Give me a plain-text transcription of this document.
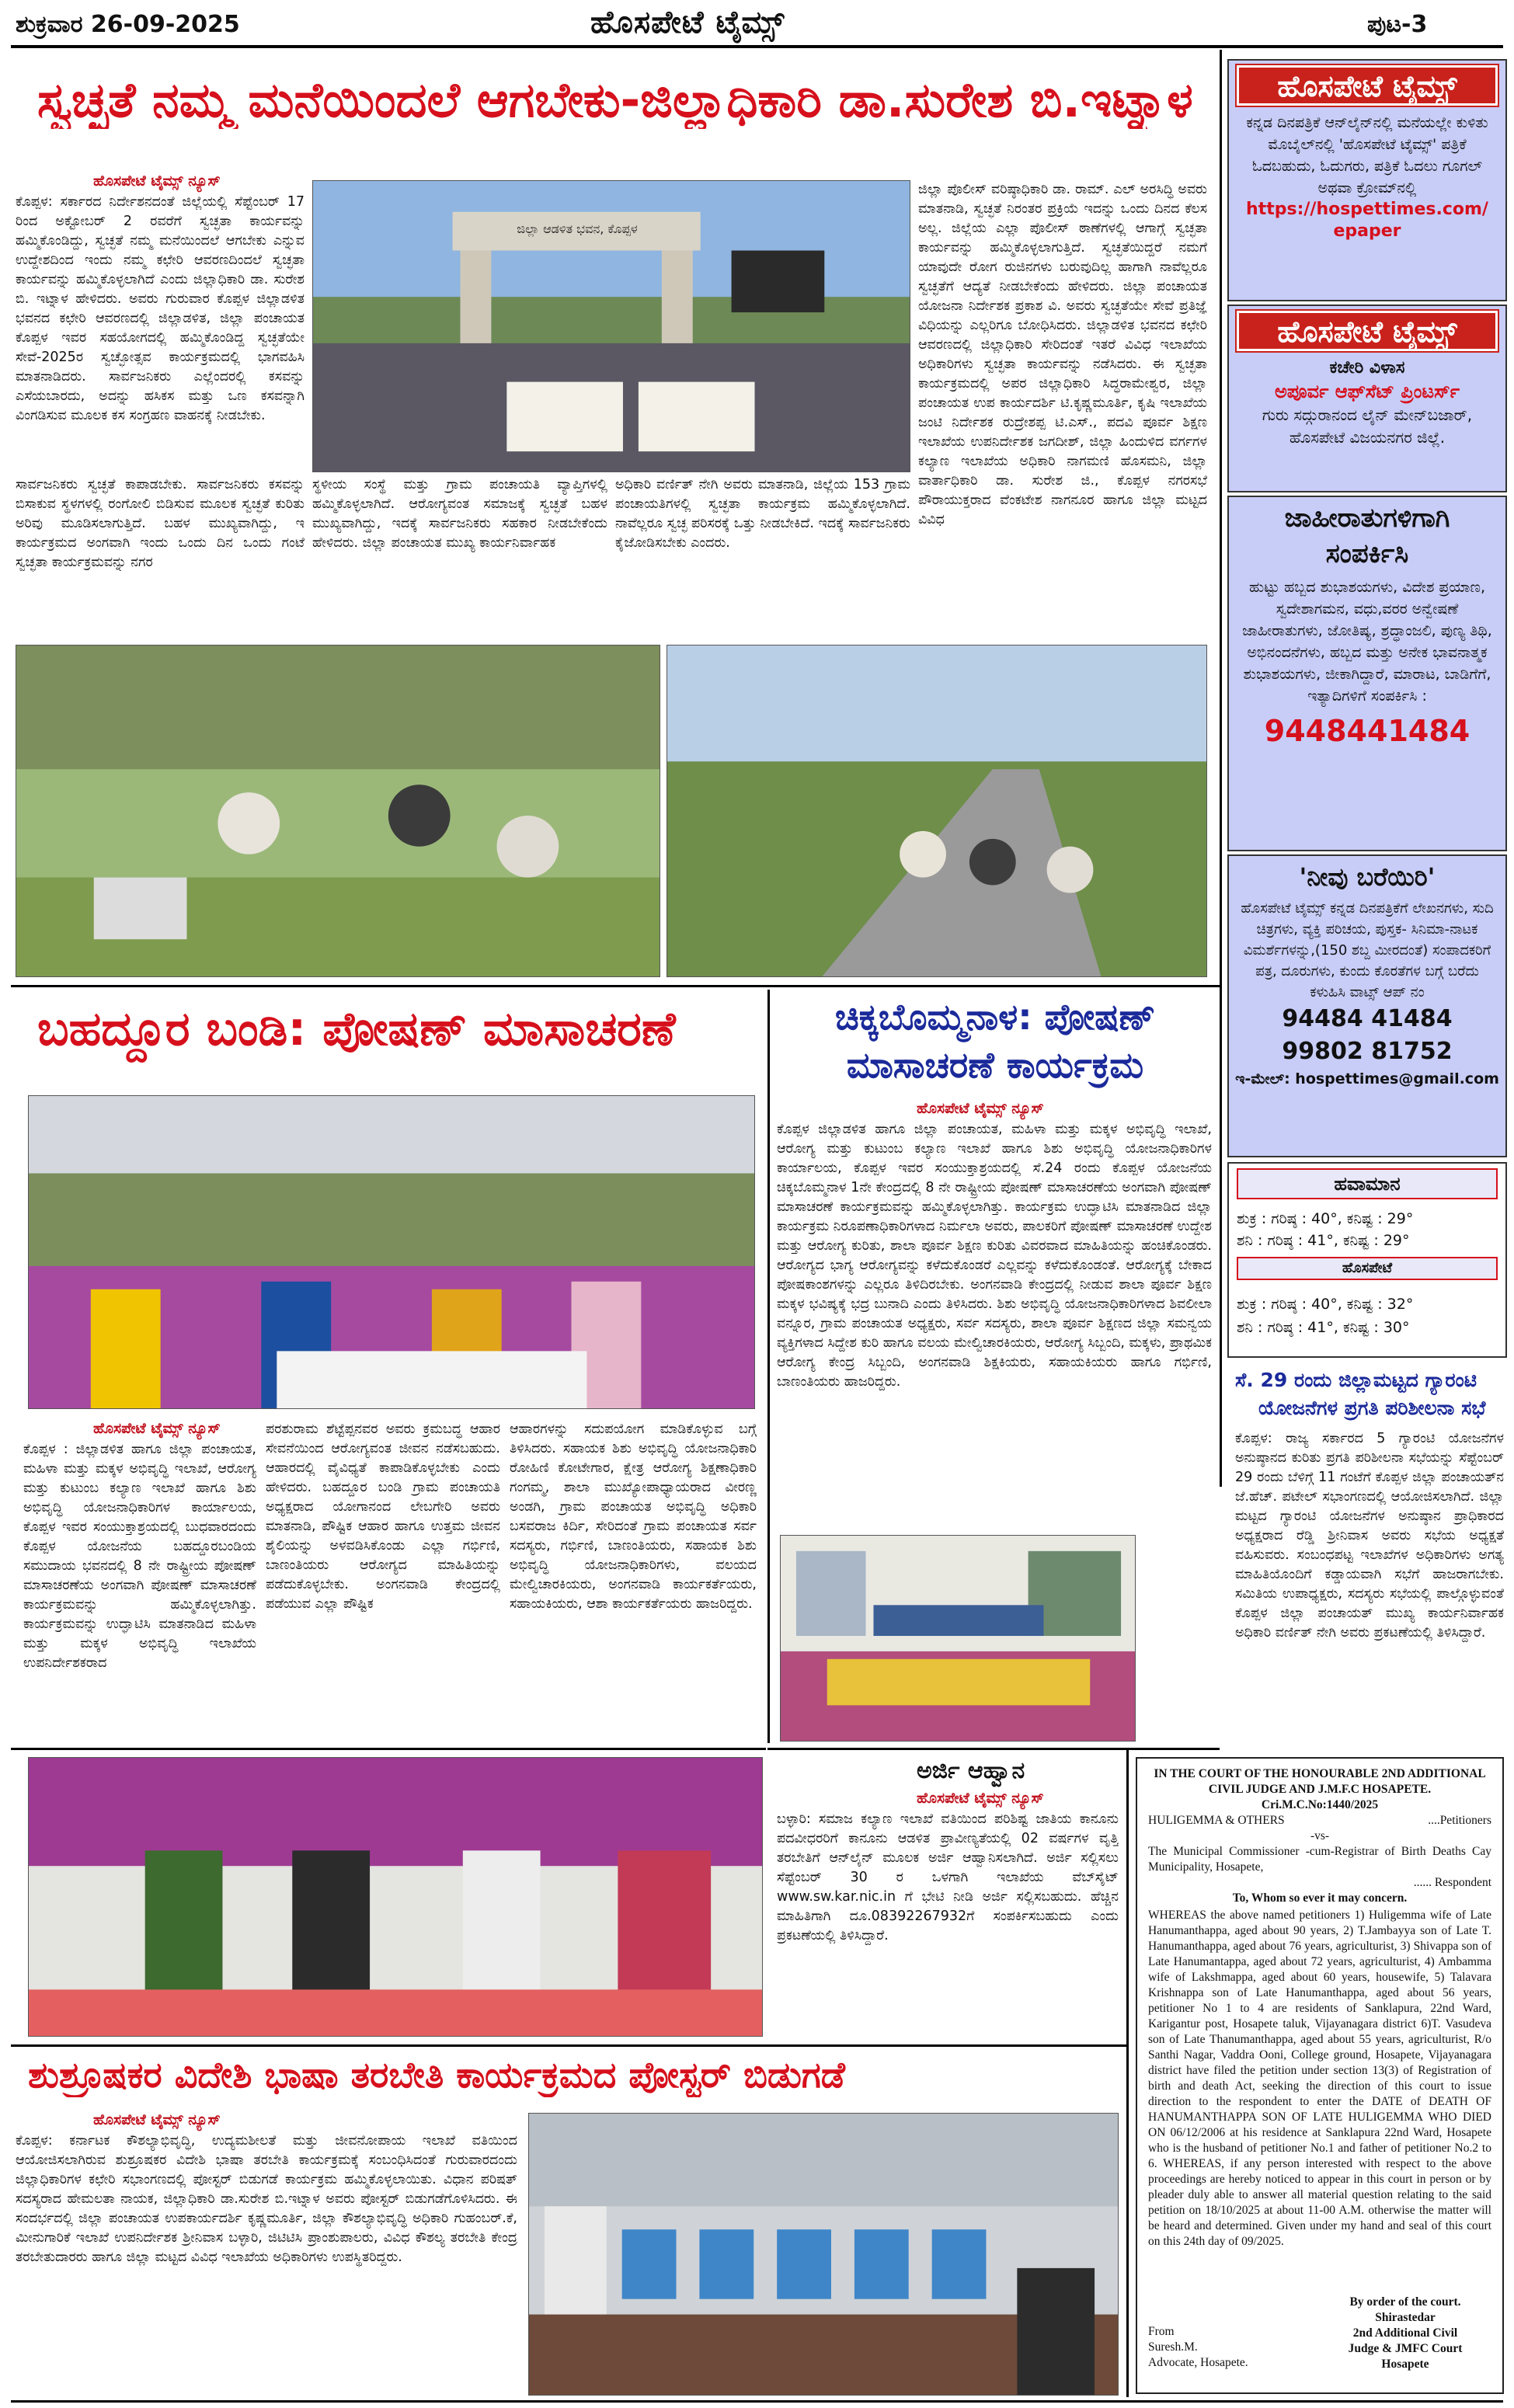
ಶುಕ್ರವಾರ 26-09-2025	ಹೊಸಪೇಟೆ ಟೈಮ್ಸ್	ಪುಟ-3
ಸ್ವಚ್ಛತೆ ನಮ್ಮ ಮನೆಯಿಂದಲೆ ಆಗಬೇಕು-ಜಿಲ್ಲಾಧಿಕಾರಿ ಡಾ.ಸುರೇಶ ಬಿ.ಇಟ್ನಾಳ
ಹೊಸಪೇಟೆ ಟೈಮ್ಸ್ ನ್ಯೂಸ್
ಕೊಪ್ಪಳ: ಸರ್ಕಾರದ ನಿರ್ದೇಶನದಂತೆ ಜಿಲ್ಲೆಯಲ್ಲಿ ಸೆಪ್ಟೆಂಬರ್ 17 ರಿಂದ ಅಕ್ಟೋಬರ್ 2 ರವರೆಗೆ ಸ್ವಚ್ಛತಾ ಕಾರ್ಯವನ್ನು ಹಮ್ಮಿಕೊಂಡಿದ್ದು, ಸ್ವಚ್ಛತೆ ನಮ್ಮ ಮನೆಯಿಂದಲೆ ಆಗಬೇಕು ಎನ್ನುವ ಉದ್ದೇಶದಿಂದ ಇಂದು ನಮ್ಮ ಕಛೇರಿ ಆವರಣದಿಂದಲೆ ಸ್ವಚ್ಛತಾ ಕಾರ್ಯವನ್ನು ಹಮ್ಮಿಕೊಳ್ಳಲಾಗಿದೆ ಎಂದು ಜಿಲ್ಲಾಧಿಕಾರಿ ಡಾ. ಸುರೇಶ ಬಿ. ಇಟ್ನಾಳ ಹೇಳಿದರು. ಅವರು ಗುರುವಾರ ಕೊಪ್ಪಳ ಜಿಲ್ಲಾಡಳಿತ ಭವನದ ಕಛೇರಿ ಆವರಣದಲ್ಲಿ ಜಿಲ್ಲಾಡಳಿತ, ಜಿಲ್ಲಾ ಪಂಚಾಯತ ಕೊಪ್ಪಳ ಇವರ ಸಹಯೋಗದಲ್ಲಿ ಹಮ್ಮಿಕೊಂಡಿದ್ದ ಸ್ವಚ್ಛತೆಯೇ ಸೇವೆ-2025ರ ಸ್ವಚ್ಛೋತ್ಸವ ಕಾರ್ಯಕ್ರಮದಲ್ಲಿ ಭಾಗವಹಿಸಿ ಮಾತನಾಡಿದರು. ಸಾರ್ವಜನಿಕರು ಎಲ್ಲೆಂದರಲ್ಲಿ ಕಸವನ್ನು ಎಸೆಯಬಾರದು, ಅದನ್ನು ಹಸಿಕಸ ಮತ್ತು ಒಣ ಕಸವನ್ನಾಗಿ ವಿಂಗಡಿಸುವ ಮೂಲಕ ಕಸ ಸಂಗ್ರಹಣ ವಾಹನಕ್ಕೆ ನೀಡಬೇಕು.
ಜಿಲ್ಲಾ ಆಡಳಿತ ಭವನ, ಕೊಪ್ಪಳ
ಜಿಲ್ಲಾ ಪೊಲೀಸ್ ವರಿಷ್ಠಾಧಿಕಾರಿ ಡಾ. ರಾಮ್. ಎಲ್ ಅರಸಿದ್ಧಿ ಅವರು ಮಾತನಾಡಿ, ಸ್ವಚ್ಛತೆ ನಿರಂತರ ಪ್ರಕ್ರಿಯೆ ಇದನ್ನು ಒಂದು ದಿನದ ಕೆಲಸ ಅಲ್ಲ. ಜಿಲ್ಲೆಯ ಎಲ್ಲಾ ಪೊಲೀಸ್ ಠಾಣೆಗಳಲ್ಲಿ ಆಗಾಗ್ಗೆ ಸ್ವಚ್ಛತಾ ಕಾರ್ಯವನ್ನು ಹಮ್ಮಿಕೊಳ್ಳಲಾಗುತ್ತಿದೆ. ಸ್ವಚ್ಛತೆಯಿದ್ದರೆ ನಮಗೆ ಯಾವುದೇ ರೋಗ ರುಜಿನಗಳು ಬರುವುದಿಲ್ಲ ಹಾಗಾಗಿ ನಾವೆಲ್ಲರೂ ಸ್ವಚ್ಛತೆಗೆ ಆದ್ಯತೆ ನೀಡಬೇಕೆಂದು ಹೇಳಿದರು. ಜಿಲ್ಲಾ ಪಂಚಾಯತ ಯೋಜನಾ ನಿರ್ದೇಶಕ ಪ್ರಕಾಶ ವಿ. ಅವರು ಸ್ವಚ್ಛತೆಯೇ ಸೇವೆ ಪ್ರತಿಜ್ಞೆ ವಿಧಿಯನ್ನು ಎಲ್ಲರಿಗೂ ಬೋಧಿಸಿದರು. ಜಿಲ್ಲಾಡಳಿತ ಭವನದ ಕಛೇರಿ ಆವರಣದಲ್ಲಿ ಜಿಲ್ಲಾಧಿಕಾರಿ ಸೇರಿದಂತೆ ಇತರೆ ವಿವಿಧ ಇಲಾಖೆಯ ಅಧಿಕಾರಿಗಳು ಸ್ವಚ್ಛತಾ ಕಾರ್ಯವನ್ನು ನಡೆಸಿದರು. ಈ ಸ್ವಚ್ಛತಾ ಕಾರ್ಯಕ್ರಮದಲ್ಲಿ ಅಪರ ಜಿಲ್ಲಾಧಿಕಾರಿ ಸಿದ್ಧರಾಮೇಶ್ವರ, ಜಿಲ್ಲಾ ಪಂಚಾಯತ ಉಪ ಕಾರ್ಯದರ್ಶಿ ಟಿ.ಕೃಷ್ಣಮೂರ್ತಿ, ಕೃಷಿ ಇಲಾಖೆಯ ಜಂಟಿ ನಿರ್ದೇಶಕ ರುದ್ರೇಶಪ್ಪ ಟಿ.ಎಸ್., ಪದವಿ ಪೂರ್ವ ಶಿಕ್ಷಣ ಇಲಾಖೆಯ ಉಪನಿರ್ದೇಶಕ ಜಗದೀಶ್, ಜಿಲ್ಲಾ ಹಿಂದುಳಿದ ವರ್ಗಗಳ ಕಲ್ಯಾಣ ಇಲಾಖೆಯ ಅಧಿಕಾರಿ ನಾಗಮಣಿ ಹೊಸಮನಿ, ಜಿಲ್ಲಾ ವಾರ್ತಾಧಿಕಾರಿ ಡಾ. ಸುರೇಶ ಜಿ., ಕೊಪ್ಪಳ ನಗರಸಭೆ ಪೌರಾಯುಕ್ತರಾದ ವೆಂಕಟೇಶ ನಾಗನೂರ ಹಾಗೂ ಜಿಲ್ಲಾ ಮಟ್ಟದ ವಿವಿಧ
ಸಾರ್ವಜನಿಕರು ಸ್ವಚ್ಛತೆ ಕಾಪಾಡಬೇಕು. ಸಾರ್ವಜನಿಕರು ಕಸವನ್ನು ಬಿಸಾಕುವ ಸ್ಥಳಗಳಲ್ಲಿ ರಂಗೋಲಿ ಬಿಡಿಸುವ ಮೂಲಕ ಸ್ವಚ್ಛತೆ ಕುರಿತು ಅರಿವು ಮೂಡಿಸಲಾಗುತ್ತಿದೆ. ಬಹಳ ಮುಖ್ಯವಾಗಿದ್ದು, ಇ ಕಾರ್ಯಕ್ರಮದ ಅಂಗವಾಗಿ ಇಂದು ಒಂದು ದಿನ ಒಂದು ಗಂಟೆ ಸ್ವಚ್ಛತಾ ಕಾರ್ಯಕ್ರಮವನ್ನು ನಗರ
ಸ್ಥಳೀಯ ಸಂಸ್ಥೆ ಮತ್ತು ಗ್ರಾಮ ಪಂಚಾಯತಿ ವ್ಯಾಪ್ತಿಗಳಲ್ಲಿ ಹಮ್ಮಿಕೊಳ್ಳಲಾಗಿದೆ. ಆರೋಗ್ಯವಂತ ಸಮಾಜಕ್ಕೆ ಸ್ವಚ್ಛತೆ ಬಹಳ ಮುಖ್ಯವಾಗಿದ್ದು, ಇದಕ್ಕೆ ಸಾರ್ವಜನಿಕರು ಸಹಕಾರ ನೀಡಬೇಕೆಂದು ಹೇಳಿದರು. ಜಿಲ್ಲಾ ಪಂಚಾಯತ ಮುಖ್ಯ ಕಾರ್ಯನಿರ್ವಾಹಕ
ಅಧಿಕಾರಿ ವರ್ಣಿತ್ ನೇಗಿ ಅವರು ಮಾತನಾಡಿ, ಜಿಲ್ಲೆಯ 153 ಗ್ರಾಮ ಪಂಚಾಯತಿಗಳಲ್ಲಿ ಸ್ವಚ್ಛತಾ ಕಾರ್ಯಕ್ರಮ ಹಮ್ಮಿಕೊಳ್ಳಲಾಗಿದೆ. ನಾವೆಲ್ಲರೂ ಸ್ವಚ್ಛ ಪರಿಸರಕ್ಕೆ ಒತ್ತು ನೀಡಬೇಕಿದೆ. ಇದಕ್ಕೆ ಸಾರ್ವಜನಿಕರು ಕೈಜೋಡಿಸಬೇಕು ಎಂದರು.
ಬಹದ್ದೂರ ಬಂಡಿ: ಪೋಷಣ್ ಮಾಸಾಚರಣೆ
ಹೊಸಪೇಟೆ ಟೈಮ್ಸ್ ನ್ಯೂಸ್
ಕೊಪ್ಪಳ : ಜಿಲ್ಲಾಡಳಿತ ಹಾಗೂ ಜಿಲ್ಲಾ ಪಂಚಾಯತ, ಮಹಿಳಾ ಮತ್ತು ಮಕ್ಕಳ ಅಭಿವೃದ್ಧಿ ಇಲಾಖೆ, ಆರೋಗ್ಯ ಮತ್ತು ಕುಟುಂಬ ಕಲ್ಯಾಣ ಇಲಾಖೆ ಹಾಗೂ ಶಿಶು ಅಭಿವೃದ್ಧಿ ಯೋಜನಾಧಿಕಾರಿಗಳ ಕಾರ್ಯಾಲಯ, ಕೊಪ್ಪಳ ಇವರ ಸಂಯುಕ್ತಾಶ್ರಯದಲ್ಲಿ ಬುಧವಾರದಂದು ಕೊಪ್ಪಳ ಯೋಜನೆಯ ಬಹದ್ದೂರಬಂಡಿಯ ಸಮುದಾಯ ಭವನದಲ್ಲಿ 8 ನೇ ರಾಷ್ಟ್ರೀಯ ಪೋಷಣ್ ಮಾಸಾಚರಣೆಯ ಅಂಗವಾಗಿ ಪೋಷಣ್ ಮಾಸಾಚರಣೆ ಕಾರ್ಯಕ್ರಮವನ್ನು ಹಮ್ಮಿಕೊಳ್ಳಲಾಗಿತ್ತು. ಕಾರ್ಯಕ್ರಮವನ್ನು ಉದ್ಘಾಟಿಸಿ ಮಾತನಾಡಿದ ಮಹಿಳಾ ಮತ್ತು ಮಕ್ಕಳ ಅಭಿವೃದ್ಧಿ ಇಲಾಖೆಯ ಉಪನಿರ್ದೇಶಕರಾದ
ಪರಶುರಾಮ ಶೆಟ್ಟೆಪ್ಪನವರ ಅವರು ಕ್ರಮಬದ್ಧ ಆಹಾರ ಸೇವನೆಯಿಂದ ಆರೋಗ್ಯವಂತ ಜೀವನ ನಡೆಸಬಹುದು. ಆಹಾರದಲ್ಲಿ ವೈವಿಧ್ಯತೆ ಕಾಪಾಡಿಕೊಳ್ಳಬೇಕು ಎಂದು ಹೇಳಿದರು. ಬಹದ್ದೂರ ಬಂಡಿ ಗ್ರಾಮ ಪಂಚಾಯತಿ ಅಧ್ಯಕ್ಷರಾದ ಯೋಗಾನಂದ ಲೇಬಗೇರಿ ಅವರು ಮಾತನಾಡಿ, ಪೌಷ್ಟಿಕ ಆಹಾರ ಹಾಗೂ ಉತ್ತಮ ಜೀವನ ಶೈಲಿಯನ್ನು ಅಳವಡಿಸಿಕೊಂಡು ಎಲ್ಲಾ ಗರ್ಭಿಣಿ, ಬಾಣಂತಿಯರು ಆರೋಗ್ಯದ ಮಾಹಿತಿಯನ್ನು ಪಡೆದುಕೊಳ್ಳಬೇಕು. ಅಂಗನವಾಡಿ ಕೇಂದ್ರದಲ್ಲಿ ಪಡೆಯುವ ಎಲ್ಲಾ ಪೌಷ್ಟಿಕ
ಆಹಾರಗಳನ್ನು ಸದುಪಯೋಗ ಮಾಡಿಕೊಳ್ಳುವ ಬಗ್ಗೆ ತಿಳಿಸಿದರು. ಸಹಾಯಕ ಶಿಶು ಅಭಿವೃದ್ಧಿ ಯೋಜನಾಧಿಕಾರಿ ರೋಹಿಣಿ ಕೋಟೇಗಾರ, ಕ್ಷೇತ್ರ ಆರೋಗ್ಯ ಶಿಕ್ಷಣಾಧಿಕಾರಿ ಗಂಗಮ್ಮ, ಶಾಲಾ ಮುಖ್ಯೋಪಾಧ್ಯಾಯರಾದ ವೀರಣ್ಣ ಅಂಡಗಿ, ಗ್ರಾಮ ಪಂಚಾಯತ ಅಭಿವೃದ್ಧಿ ಅಧಿಕಾರಿ ಬಸವರಾಜ ಕಿರ್ದಿ, ಸೇರಿದಂತೆ ಗ್ರಾಮ ಪಂಚಾಯತ ಸರ್ವ ಸದಸ್ಯರು, ಗರ್ಭಿಣಿ, ಬಾಣಂತಿಯರು, ಸಹಾಯಕ ಶಿಶು ಅಭಿವೃದ್ಧಿ ಯೋಜನಾಧಿಕಾರಿಗಳು, ವಲಯದ ಮೇಲ್ವಿಚಾರಕಿಯರು, ಅಂಗನವಾಡಿ ಕಾರ್ಯಕರ್ತೆಯರು, ಸಹಾಯಕಿಯರು, ಆಶಾ ಕಾರ್ಯಕರ್ತೆಯರು ಹಾಜರಿದ್ದರು.
ಚಿಕ್ಕಬೊಮ್ಮನಾಳ: ಪೋಷಣ್
ಮಾಸಾಚರಣೆ ಕಾರ್ಯಕ್ರಮ
ಹೊಸಪೇಟೆ ಟೈಮ್ಸ್ ನ್ಯೂಸ್
ಕೊಪ್ಪಳ ಜಿಲ್ಲಾಡಳಿತ ಹಾಗೂ ಜಿಲ್ಲಾ ಪಂಚಾಯತ, ಮಹಿಳಾ ಮತ್ತು ಮಕ್ಕಳ ಅಭಿವೃದ್ಧಿ ಇಲಾಖೆ, ಆರೋಗ್ಯ ಮತ್ತು ಕುಟುಂಬ ಕಲ್ಯಾಣ ಇಲಾಖೆ ಹಾಗೂ ಶಿಶು ಅಭಿವೃದ್ಧಿ ಯೋಜನಾಧಿಕಾರಿಗಳ ಕಾರ್ಯಾಲಯ, ಕೊಪ್ಪಳ ಇವರ ಸಂಯುಕ್ತಾಶ್ರಯದಲ್ಲಿ ಸೆ.24 ರಂದು ಕೊಪ್ಪಳ ಯೋಜನೆಯ ಚಿಕ್ಕಬೊಮ್ಮನಾಳ 1ನೇ ಕೇಂದ್ರದಲ್ಲಿ 8 ನೇ ರಾಷ್ಟ್ರೀಯ ಪೋಷಣ್ ಮಾಸಾಚರಣೆಯ ಅಂಗವಾಗಿ ಪೋಷಣ್ ಮಾಸಾಚರಣೆ ಕಾರ್ಯಕ್ರಮವನ್ನು ಹಮ್ಮಿಕೊಳ್ಳಲಾಗಿತ್ತು. ಕಾರ್ಯಕ್ರಮ ಉದ್ಘಾಟಿಸಿ ಮಾತನಾಡಿದ ಜಿಲ್ಲಾ ಕಾರ್ಯಕ್ರಮ ನಿರೂಪಣಾಧಿಕಾರಿಗಳಾದ ನಿರ್ಮಲಾ ಅವರು, ಪಾಲಕರಿಗೆ ಪೋಷಣ್ ಮಾಸಾಚರಣೆ ಉದ್ದೇಶ ಮತ್ತು ಆರೋಗ್ಯ ಕುರಿತು, ಶಾಲಾ ಪೂರ್ವ ಶಿಕ್ಷಣ ಕುರಿತು ವಿವರವಾದ ಮಾಹಿತಿಯನ್ನು ಹಂಚಿಕೊಂಡರು. ಆರೋಗ್ಯದ ಭಾಗ್ಯ ಆರೋಗ್ಯವನ್ನು ಕಳೆದುಕೊಂಡರೆ ಎಲ್ಲವನ್ನು ಕಳೆದುಕೊಂಡಂತೆ. ಆರೋಗ್ಯಕ್ಕೆ ಬೇಕಾದ ಪೋಷಕಾಂಶಗಳನ್ನು ಎಲ್ಲರೂ ತಿಳಿದಿರಬೇಕು. ಅಂಗನವಾಡಿ ಕೇಂದ್ರದಲ್ಲಿ ನೀಡುವ ಶಾಲಾ ಪೂರ್ವ ಶಿಕ್ಷಣ ಮಕ್ಕಳ ಭವಿಷ್ಯಕ್ಕೆ ಭದ್ರ ಬುನಾದಿ ಎಂದು ತಿಳಿಸಿದರು. ಶಿಶು ಅಭಿವೃದ್ಧಿ ಯೋಜನಾಧಿಕಾರಿಗಳಾದ ಶಿವಲೀಲಾ ವನ್ನೂರ, ಗ್ರಾಮ ಪಂಚಾಯತ ಅಧ್ಯಕ್ಷರು, ಸರ್ವ ಸದಸ್ಯರು, ಶಾಲಾ ಪೂರ್ವ ಶಿಕ್ಷಣದ ಜಿಲ್ಲಾ ಸಮನ್ವಯ ವ್ಯಕ್ತಿಗಳಾದ ಸಿದ್ದೇಶ ಕುರಿ ಹಾಗೂ ವಲಯ ಮೇಲ್ವಿಚಾರಕಿಯರು, ಆರೋಗ್ಯ ಸಿಬ್ಬಂದಿ, ಮಕ್ಕಳು, ಪ್ರಾಥಮಿಕ ಆರೋಗ್ಯ ಕೇಂದ್ರ ಸಿಬ್ಬಂದಿ, ಅಂಗನವಾಡಿ ಶಿಕ್ಷಕಿಯರು, ಸಹಾಯಕಿಯರು ಹಾಗೂ ಗರ್ಭಿಣಿ, ಬಾಣಂತಿಯರು ಹಾಜರಿದ್ದರು.
ಹೊಸಪೇಟೆ ಟೈಮ್ಸ್
ಕನ್ನಡ ದಿನಪತ್ರಿಕೆ ಆನ್‌ಲೈನ್‌ನಲ್ಲಿ ಮನೆಯಲ್ಲೇ ಕುಳಿತು ಮೊಬೈಲ್‌ನಲ್ಲಿ 'ಹೊಸಪೇಟೆ ಟೈಮ್ಸ್' ಪತ್ರಿಕೆ ಓದಬಹುದು, ಓದುಗರು, ಪತ್ರಿಕೆ ಓದಲು ಗೂಗಲ್ ಅಥವಾ ಕ್ರೋಮ್‌ನಲ್ಲಿ
https://hospettimes.com/
epaper
ಹೊಸಪೇಟೆ ಟೈಮ್ಸ್
ಕಚೇರಿ ವಿಳಾಸ
ಅಪೂರ್ವ ಆಫ್‌ಸೆಟ್ ಪ್ರಿಂಟರ್ಸ್
ಗುರು ಸದ್ಗುರಾನಂದ ಲೈನ್ ಮೇನ್‌ಬಜಾರ್, ಹೊಸಪೇಟೆ ವಿಜಯನಗರ ಜಿಲ್ಲೆ.
ಜಾಹೀರಾತುಗಳಿಗಾಗಿ
ಸಂಪರ್ಕಿಸಿ
ಹುಟ್ಟು ಹಬ್ಬದ ಶುಭಾಶಯಗಳು, ವಿದೇಶ ಪ್ರಯಾಣ, ಸ್ವದೇಶಾಗಮನ, ವಧು,ವರರ ಅನ್ವೇಷಣೆ ಜಾಹೀರಾತುಗಳು, ಜೋತಿಷ್ಯ, ಶ್ರದ್ಧಾಂಜಲಿ, ಪುಣ್ಯ ತಿಥಿ, ಅಭಿನಂದನೆಗಳು, ಹಬ್ಬದ ಮತ್ತು ಅನೇಕ ಭಾವನಾತ್ಮಕ ಶುಭಾಶಯಗಳು, ಜೀಕಾಗಿದ್ದಾರೆ, ಮಾರಾಟ, ಬಾಡಿಗೆಗೆ, ಇತ್ಯಾದಿಗಳಿಗೆ ಸಂಪರ್ಕಿಸಿ :
9448441484
'ನೀವು ಬರೆಯಿರಿ'
ಹೊಸಪೇಟೆ ಟೈಮ್ಸ್ ಕನ್ನಡ ದಿನಪತ್ರಿಕೆಗೆ ಲೇಖನಗಳು, ಸುದಿ ಚಿತ್ರಗಳು, ವ್ಯಕ್ತಿ ಪರಿಚಯ, ಪುಸ್ತಕ- ಸಿನಿಮಾ-ನಾಟಕ ವಿಮರ್ಶೆಗಳನ್ನು,(150 ಶಬ್ದ ಮೀರದಂತೆ) ಸಂಪಾದಕರಿಗೆ ಪತ್ರ, ದೂರುಗಳು, ಕುಂದು ಕೊರತೆಗಳ ಬಗ್ಗೆ ಬರೆದು ಕಳುಹಿಸಿ ವಾಟ್ಸ್ ಆಪ್ ನಂ
94484 41484
99802 81752
ಇ-ಮೇಲ್: hospettimes@gmail.com
ಹವಾಮಾನ
ಶುಕ್ರ : ಗರಿಷ್ಠ : 40°, ಕನಿಷ್ಟ : 29°
ಶನಿ : ಗರಿಷ್ಠ : 41°, ಕನಿಷ್ಟ : 29°
ಹೊಸಪೇಟೆ
ಶುಕ್ರ : ಗರಿಷ್ಠ : 40°, ಕನಿಷ್ಟ : 32°
ಶನಿ : ಗರಿಷ್ಠ : 41°, ಕನಿಷ್ಟ : 30°
ಸೆ. 29 ರಂದು ಜಿಲ್ಲಾಮಟ್ಟದ ಗ್ಯಾರಂಟಿ
ಯೋಜನೆಗಳ ಪ್ರಗತಿ ಪರಿಶೀಲನಾ ಸಭೆ
ಕೊಪ್ಪಳ: ರಾಜ್ಯ ಸರ್ಕಾರದ 5 ಗ್ಯಾರಂಟಿ ಯೋಜನೆಗಳ ಅನುಷ್ಠಾನದ ಕುರಿತು ಪ್ರಗತಿ ಪರಿಶೀಲನಾ ಸಭೆಯನ್ನು ಸೆಪ್ಟೆಂಬರ್ 29 ರಂದು ಬೆಳಿಗ್ಗೆ 11 ಗಂಟೆಗೆ ಕೊಪ್ಪಳ ಜಿಲ್ಲಾ ಪಂಚಾಯತ್‌ನ ಜೆ.ಹೆಚ್. ಪಟೇಲ್ ಸಭಾಂಗಣದಲ್ಲಿ ಆಯೋಜಿಸಲಾಗಿದೆ. ಜಿಲ್ಲಾ ಮಟ್ಟದ ಗ್ಯಾರಂಟಿ ಯೋಜನೆಗಳ ಅನುಷ್ಠಾನ ಪ್ರಾಧಿಕಾರದ ಅಧ್ಯಕ್ಷರಾದ ರೆಡ್ಡಿ ಶ್ರೀನಿವಾಸ ಅವರು ಸಭೆಯ ಅಧ್ಯಕ್ಷತೆ ವಹಿಸುವರು. ಸಂಬಂಧಪಟ್ಟ ಇಲಾಖೆಗಳ ಅಧಿಕಾರಿಗಳು ಅಗತ್ಯ ಮಾಹಿತಿಯೊಂದಿಗೆ ಕಡ್ಡಾಯವಾಗಿ ಸಭೆಗೆ ಹಾಜರಾಗಬೇಕು. ಸಮಿತಿಯ ಉಪಾಧ್ಯಕ್ಷರು, ಸದಸ್ಯರು ಸಭೆಯಲ್ಲಿ ಪಾಲ್ಗೊಳ್ಳುವಂತೆ ಕೊಪ್ಪಳ ಜಿಲ್ಲಾ ಪಂಚಾಯತ್ ಮುಖ್ಯ ಕಾರ್ಯನಿರ್ವಾಹಕ ಅಧಿಕಾರಿ ವರ್ಣಿತ್ ನೇಗಿ ಅವರು ಪ್ರಕಟಣೆಯಲ್ಲಿ ತಿಳಿಸಿದ್ದಾರೆ.
ಅರ್ಜಿ ಆಹ್ವಾನ
ಹೊಸಪೇಟೆ ಟೈಮ್ಸ್ ನ್ಯೂಸ್
ಬಳ್ಳಾರಿ: ಸಮಾಜ ಕಲ್ಯಾಣ ಇಲಾಖೆ ವತಿಯಿಂದ ಪರಿಶಿಷ್ಟ ಜಾತಿಯ ಕಾನೂನು ಪದವೀಧರರಿಗೆ ಕಾನೂನು ಆಡಳಿತ ಪ್ರಾವೀಣ್ಯತೆಯಲ್ಲಿ 02 ವರ್ಷಗಳ ವೃತ್ತಿ ತರಬೇತಿಗೆ ಆನ್‌ಲೈನ್ ಮೂಲಕ ಅರ್ಜಿ ಆಹ್ವಾನಿಸಲಾಗಿದೆ. ಅರ್ಜಿ ಸಲ್ಲಿಸಲು ಸೆಪ್ಟೆಂಬರ್ 30 ರ ಒಳಗಾಗಿ ಇಲಾಖೆಯ ವೆಬ್‌ಸೈಟ್ www.sw.kar.nic.in ಗೆ ಭೇಟಿ ನೀಡಿ ಅರ್ಜಿ ಸಲ್ಲಿಸಬಹುದು. ಹೆಚ್ಚಿನ ಮಾಹಿತಿಗಾಗಿ ದೂ.08392267932ಗೆ ಸಂಪರ್ಕಿಸಬಹುದು ಎಂದು ಪ್ರಕಟಣೆಯಲ್ಲಿ ತಿಳಿಸಿದ್ದಾರೆ.
IN THE COURT OF THE HONOURABLE 2ND ADDITIONAL CIVIL JUDGE AND J.M.F.C HOSAPETE.
Cri.M.C.No:1440/2025
HULIGEMMA & OTHERS	....Petitioners
-vs-
The Municipal Commissioner -cum-Registrar of Birth Deaths Cay Municipality, Hosapete,
...... Respondent
To, Whom so ever it may concern.
WHEREAS the above named petitioners 1) Huligemma wife of Late Hanumanthappa, aged about 90 years, 2) T.Jambayya son of Late T. Hanumanthappa, aged about 76 years, agriculturist, 3) Shivappa son of Late Hanumantappa, aged about 72 years, agriculturist, 4) Ambamma wife of Lakshmappa, aged about 60 years, housewife, 5) Talavara Krishnappa son of Late Hanumanthappa, aged about 56 years, petitioner No 1 to 4 are residents of Sanklapura, 22nd Ward, Karigantur post, Hosapete taluk, Vijayanagara district 6)T. Vasudeva son of Late Thanumanthappa, aged about 55 years, agriculturist, R/o Santhi Nagar, Vaddra Ooni, College ground, Hosapete, Vijayanagara district have filed the petition under section 13(3) of Registration of birth and death Act, seeking the direction of this court to issue direction to the respondent to enter the DATE of DEATH OF HANUMANTHAPPA SON OF LATE HULIGEMMA WHO DIED ON 06/12/2006 at his residence at Sanklapura 22nd Ward, Hosapete who is the husband of petitioner No.1 and father of petitioner No.2 to 6. WHEREAS, if any person interested with respect to the above proceedings are hereby noticed to appear in this court in person or by pleader duly able to answer all material question relating to the said petition on 18/10/2025 at about 11-00 A.M. otherwise the matter will be heard and determined. Given under my hand and seal of this court on this 24th day of 09/2025.
From
Suresh.M.
Advocate, Hosapete.
By order of the court.
Shirastedar
2nd Additional Civil
Judge & JMFC Court
Hosapete
ಶುಶ್ರೂಷಕರ ವಿದೇಶಿ ಭಾಷಾ ತರಬೇತಿ ಕಾರ್ಯಕ್ರಮದ ಪೋಸ್ಟರ್ ಬಿಡುಗಡೆ
ಹೊಸಪೇಟೆ ಟೈಮ್ಸ್ ನ್ಯೂಸ್
ಕೊಪ್ಪಳ: ಕರ್ನಾಟಕ ಕೌಶಲ್ಯಾಭಿವೃದ್ಧಿ, ಉದ್ಯಮಶೀಲತೆ ಮತ್ತು ಜೀವನೋಪಾಯ ಇಲಾಖೆ ವತಿಯಿಂದ ಆಯೋಜಿಸಲಾಗಿರುವ ಶುಶ್ರೂಷಕರ ವಿದೇಶಿ ಭಾಷಾ ತರಬೇತಿ ಕಾರ್ಯಕ್ರಮಕ್ಕೆ ಸಂಬಂಧಿಸಿದಂತೆ ಗುರುವಾರದಂದು ಜಿಲ್ಲಾಧಿಕಾರಿಗಳ ಕಛೇರಿ ಸಭಾಂಗಣದಲ್ಲಿ ಪೋಸ್ಟರ್ ಬಿಡುಗಡೆ ಕಾರ್ಯಕ್ರಮ ಹಮ್ಮಿಕೊಳ್ಳಲಾಯಿತು. ವಿಧಾನ ಪರಿಷತ್ ಸದಸ್ಯರಾದ ಹೇಮಲತಾ ನಾಯಕ, ಜಿಲ್ಲಾಧಿಕಾರಿ ಡಾ.ಸುರೇಶ ಬಿ.ಇಟ್ನಾಳ ಅವರು ಪೋಸ್ಟರ್ ಬಿಡುಗಡೆಗೊಳಿಸಿದರು. ಈ ಸಂದರ್ಭದಲ್ಲಿ ಜಿಲ್ಲಾ ಪಂಚಾಯತ ಉಪಕಾರ್ಯದರ್ಶಿ ಕೃಷ್ಣಮೂರ್ತಿ, ಜಿಲ್ಲಾ ಕೌಶಲ್ಯಾಭಿವೃದ್ಧಿ ಅಧಿಕಾರಿ ಗುಹಂಬರ್.ಕೆ, ಮೀನುಗಾರಿಕೆ ಇಲಾಖೆ ಉಪನಿರ್ದೇಶಕ ಶ್ರೀನಿವಾಸ ಬಳ್ಳಾರಿ, ಜಿಟಿಟಿಸಿ ಪ್ರಾಂಶುಪಾಲರು, ವಿವಿಧ ಕೌಶಲ್ಯ ತರಬೇತಿ ಕೇಂದ್ರ ತರಬೇತುದಾರರು ಹಾಗೂ ಜಿಲ್ಲಾ ಮಟ್ಟದ ವಿವಿಧ ಇಲಾಖೆಯ ಅಧಿಕಾರಿಗಳು ಉಪಸ್ಥಿತರಿದ್ದರು.
